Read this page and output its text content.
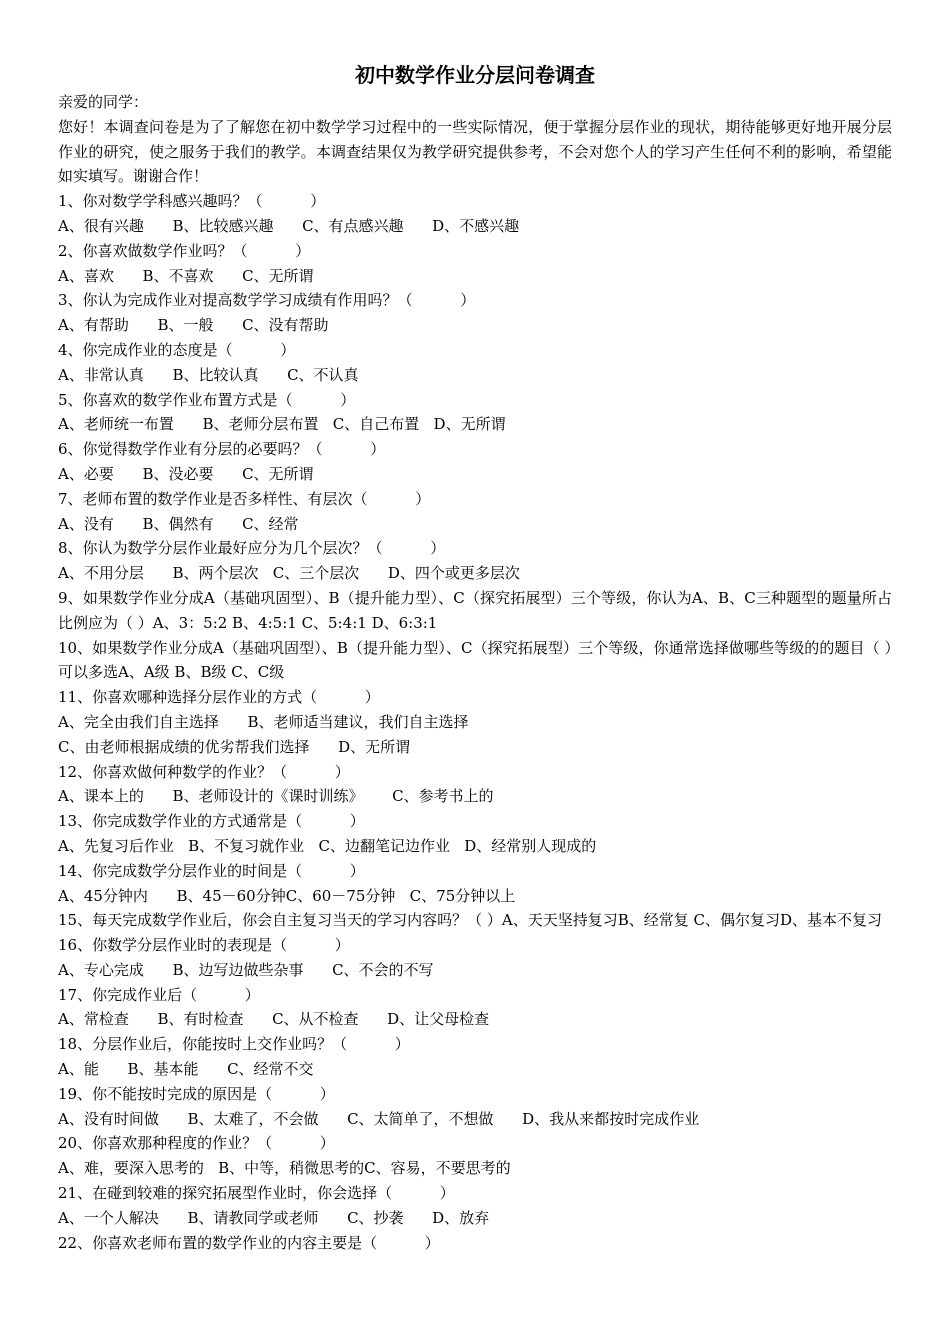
初中数学作业分层问卷调查
亲爱的同学：
您好！本调查问卷是为了了解您在初中数学学习过程中的一些实际情况，便于掌握分层作业的现状，期待能够更好地开展分层作业的研究，使之服务于我们的教学。本调查结果仅为教学研究提供参考，不会对您个人的学习产生任何不利的影响，希望能如实填写。谢谢合作！
1、你对数学学科感兴趣吗？（          ）
A、很有兴趣      B、比较感兴趣      C、有点感兴趣      D、不感兴趣
2、你喜欢做数学作业吗？（          ）
A、喜欢      B、不喜欢      C、无所谓
3、你认为完成作业对提高数学学习成绩有作用吗？（          ）
A、有帮助      B、一般      C、没有帮助
4、你完成作业的态度是（          ）
A、非常认真      B、比较认真      C、不认真
5、你喜欢的数学作业布置方式是（          ）
A、老师统一布置      B、老师分层布置   C、自己布置   D、无所谓
6、你觉得数学作业有分层的必要吗？（          ）
A、必要      B、没必要      C、无所谓
7、老师布置的数学作业是否多样性、有层次（          ）
A、没有      B、偶然有      C、经常
8、你认为数学分层作业最好应分为几个层次？（          ）
A、不用分层      B、两个层次   C、三个层次      D、四个或更多层次
9、如果数学作业分成A（基础巩固型）、B（提升能力型）、C（探究拓展型）三个等级，你认为A、B、C三种题型的题量所占比例应为（ ）A、3：5:2 B、4:5:1 C、5:4:1 D、6:3:1
10、如果数学作业分成A（基础巩固型）、B（提升能力型）、C（探究拓展型）三个等级，你通常选择做哪些等级的的题目（ ）可以多选A、A级 B、B级 C、C级
11、你喜欢哪种选择分层作业的方式（          ）
A、完全由我们自主选择      B、老师适当建议，我们自主选择
C、由老师根据成绩的优劣帮我们选择      D、无所谓
12、你喜欢做何种数学的作业？（          ）
A、课本上的      B、老师设计的《课时训练》      C、参考书上的
13、你完成数学作业的方式通常是（          ）
A、先复习后作业   B、不复习就作业   C、边翻笔记边作业   D、经常别人现成的
14、你完成数学分层作业的时间是（          ）
A、45分钟内      B、45－60分钟C、60－75分钟   C、75分钟以上
15、每天完成数学作业后，你会自主复习当天的学习内容吗？（ ）A、天天坚持复习B、经常复 C、偶尔复习D、基本不复习
16、你数学分层作业时的表现是（          ）
A、专心完成      B、边写边做些杂事      C、不会的不写
17、你完成作业后（          ）
A、常检查      B、有时检查      C、从不检查      D、让父母检查
18、分层作业后，你能按时上交作业吗？（          ）
A、能      B、基本能      C、经常不交
19、你不能按时完成的原因是（          ）
A、没有时间做      B、太难了，不会做      C、太简单了，不想做      D、我从来都按时完成作业
20、你喜欢那种程度的作业？（          ）
A、难，要深入思考的   B、中等，稍微思考的C、容易，不要思考的
21、在碰到较难的探究拓展型作业时，你会选择（          ）
A、一个人解决      B、请教同学或老师      C、抄袭      D、放弃
22、你喜欢老师布置的数学作业的内容主要是（          ）
